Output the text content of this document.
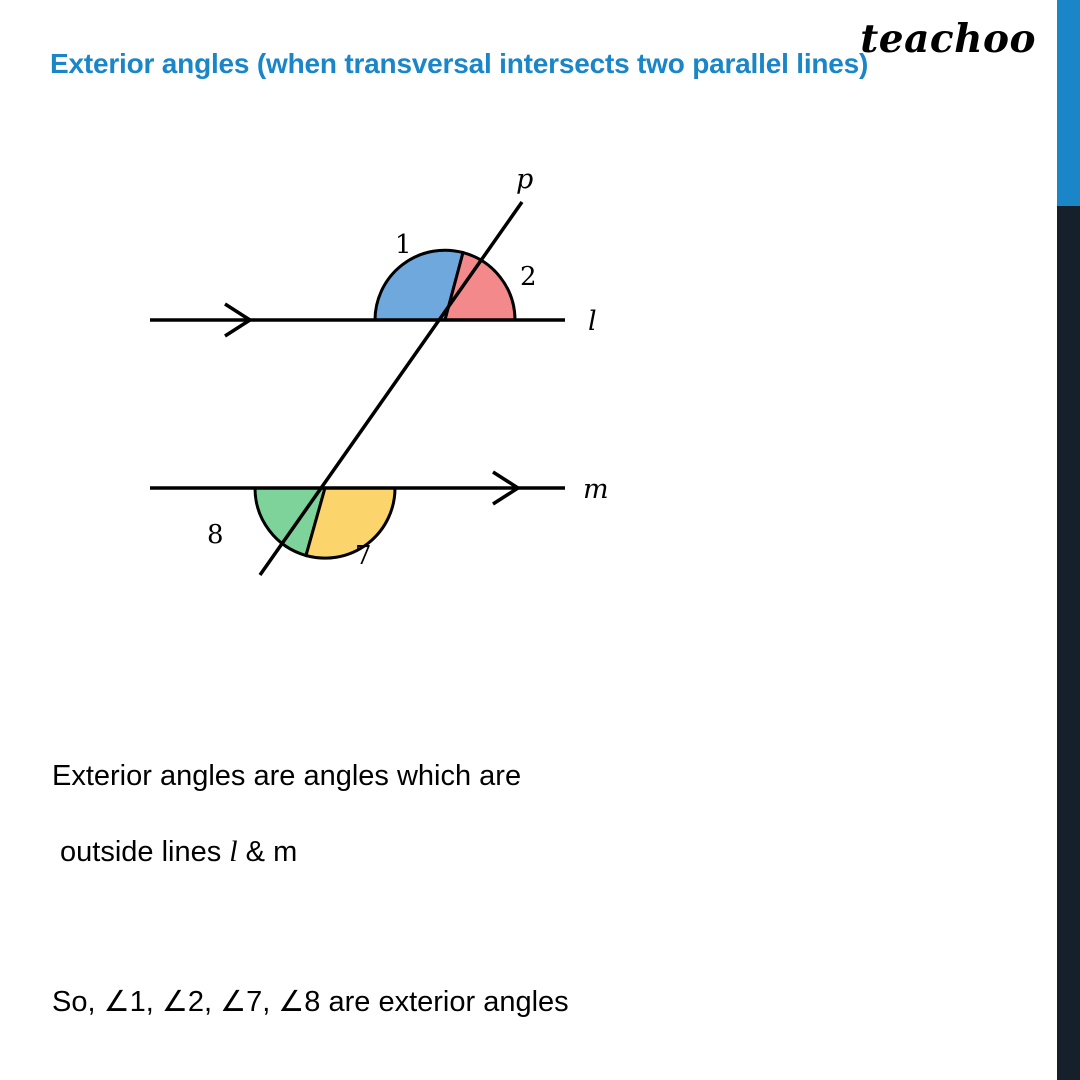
teachoo
Exterior angles (when transversal intersects two parallel lines)
p
l
m
1
2
7
8
Exterior angles are angles which are
outside lines l & m
So, ∠1, ∠2, ∠7, ∠8 are exterior angles
